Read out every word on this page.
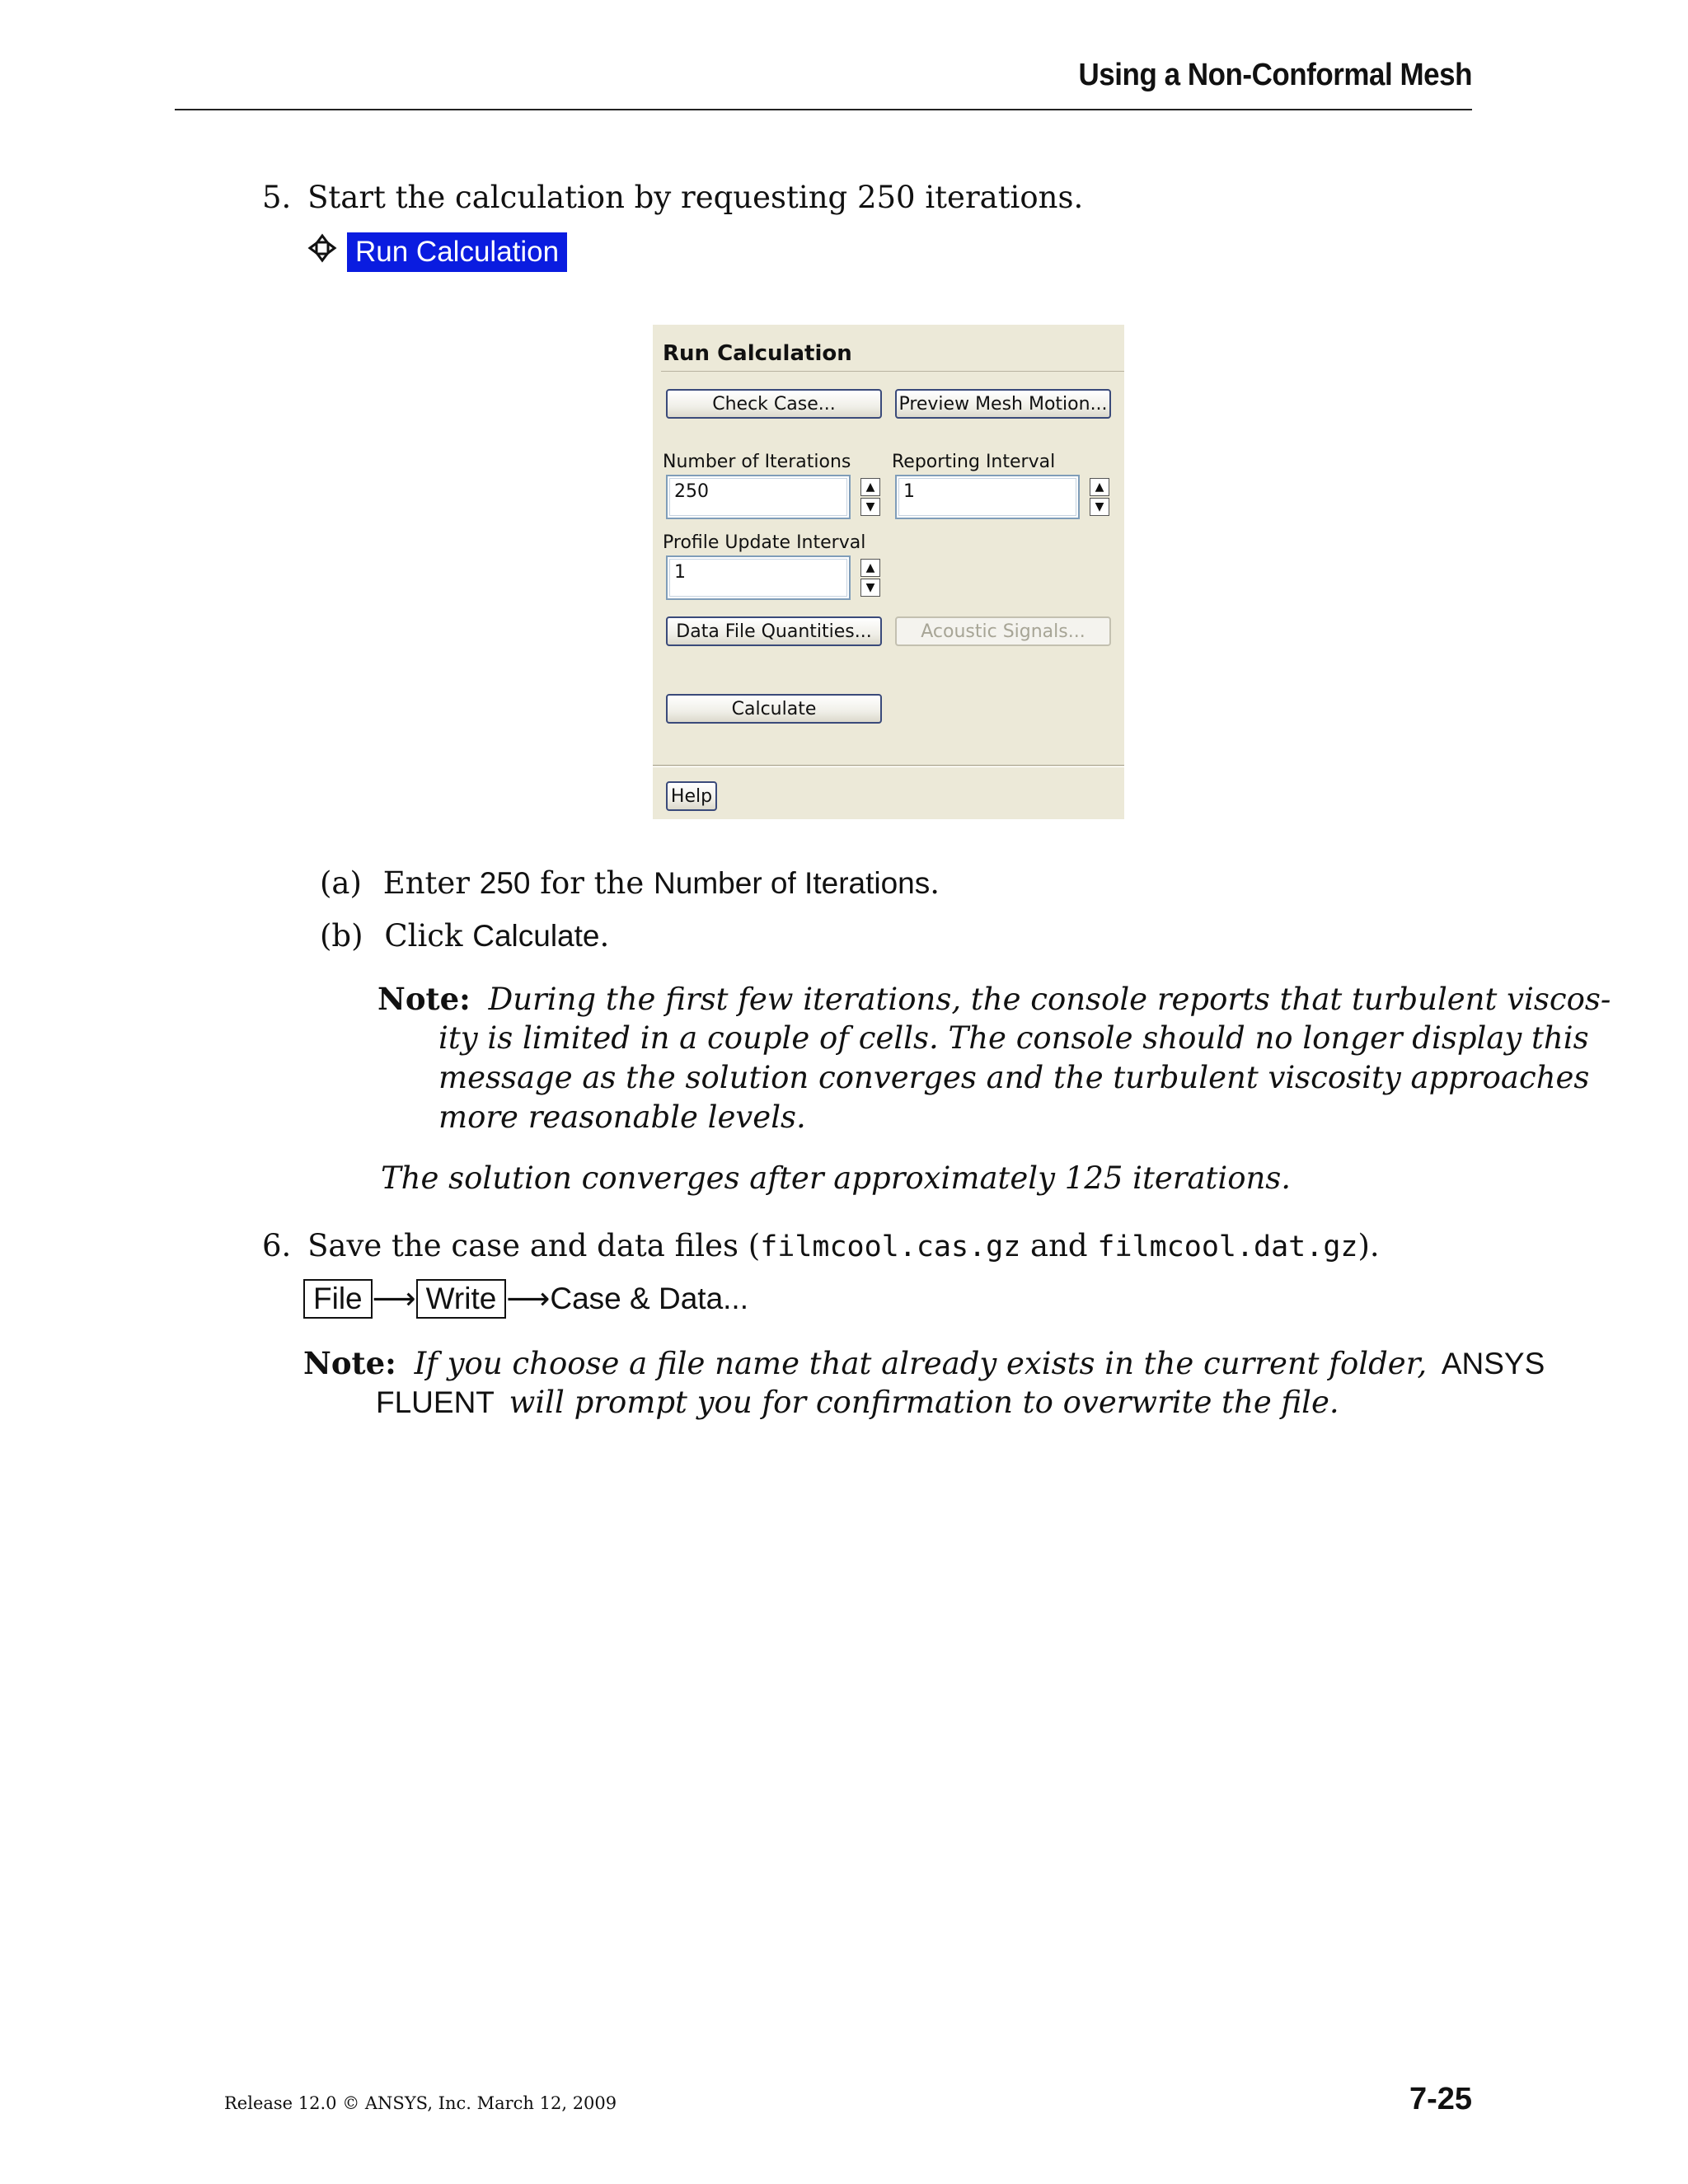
Using a Non-Conformal Mesh
5. Start the calculation by requesting 250 iterations.
Run Calculation
Run Calculation
Check Case...	Preview Mesh Motion...
Number of Iterations Reporting Interval
250	▲
▼
1	▲
▼
Profile Update Interval
1	▲
▼
Data File Quantities...	Acoustic Signals...
Calculate
Help
(a) Enter 250 for the Number of Iterations.
(b) Click Calculate.
Note: During the first few iterations, the console reports that turbulent viscos-
ity is limited in a couple of cells. The console should no longer display this
message as the solution converges and the turbulent viscosity approaches
more reasonable levels.
The solution converges after approximately 125 iterations.
6. Save the case and data files (filmcool.cas.gz and filmcool.dat.gz).
File ⟶ Write ⟶Case & Data...
Note: If you choose a file name that already exists in the current folder, ANSYS
FLUENT will prompt you for confirmation to overwrite the file.
Release 12.0 © ANSYS, Inc. March 12, 2009	7-25
